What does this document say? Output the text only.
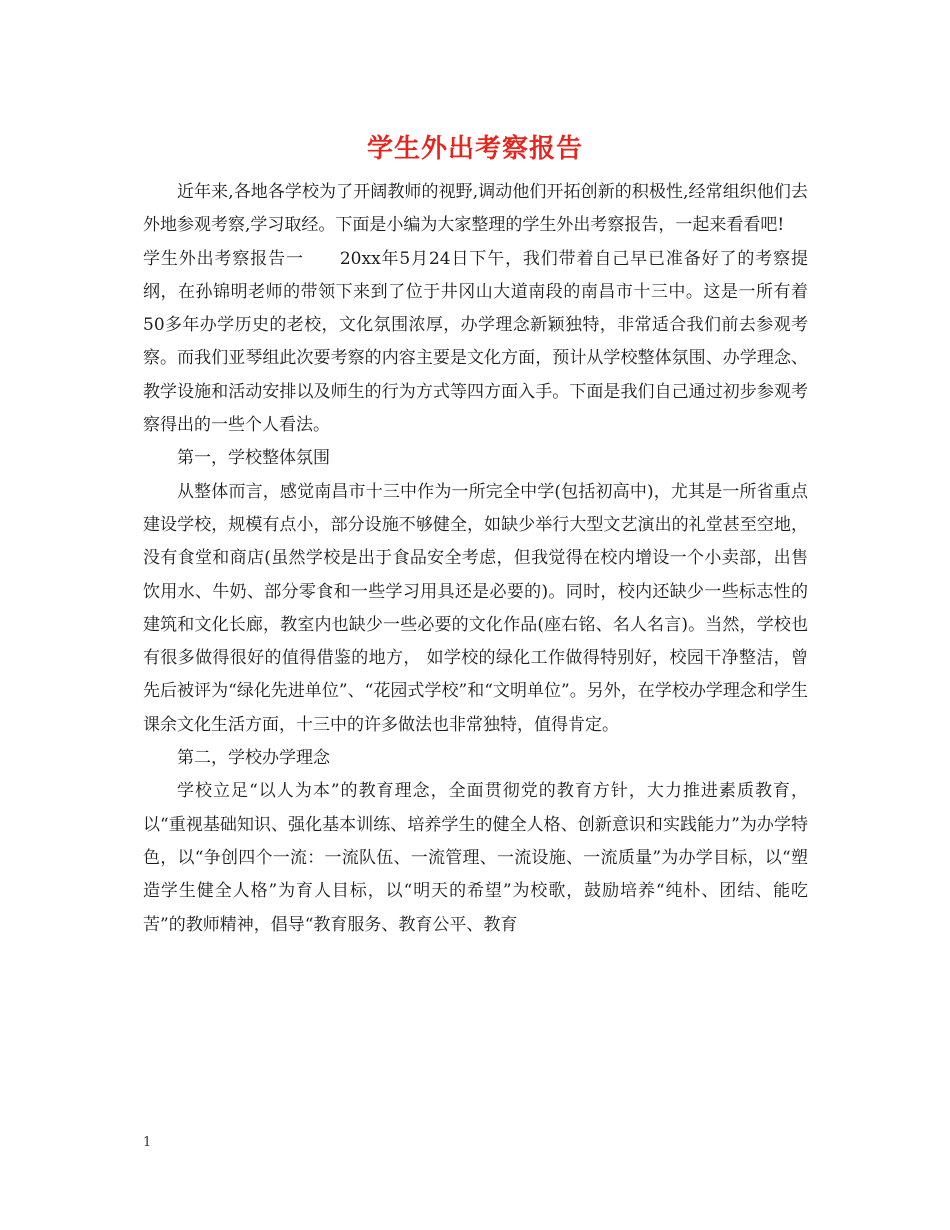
学生外出考察报告

近年来,各地各学校为了开阔教师的视野,调动他们开拓创新的积极性,经常组织他们去外地参观考察,学习取经。下面是小编为大家整理的学生外出考察报告，一起来看看吧!

学生外出考察报告一 20xx年5月24日下午，我们带着自己早已准备好了的考察提纲，在孙锦明老师的带领下来到了位于井冈山大道南段的南昌市十三中。这是一所有着50多年办学历史的老校，文化氛围浓厚，办学理念新颖独特，非常适合我们前去参观考察。而我们亚琴组此次要考察的内容主要是文化方面，预计从学校整体氛围、办学理念、教学设施和活动安排以及师生的行为方式等四方面入手。下面是我们自己通过初步参观考察得出的一些个人看法。

第一，学校整体氛围

从整体而言，感觉南昌市十三中作为一所完全中学(包括初高中)，尤其是一所省重点建设学校，规模有点小，部分设施不够健全，如缺少举行大型文艺演出的礼堂甚至空地，没有食堂和商店(虽然学校是出于食品安全考虑，但我觉得在校内增设一个小卖部，出售饮用水、牛奶、部分零食和一些学习用具还是必要的)。同时，校内还缺少一些标志性的建筑和文化长廊，教室内也缺少一些必要的文化作品(座右铭、名人名言)。当然，学校也有很多做得很好的值得借鉴的地方， 如学校的绿化工作做得特别好，校园干净整洁，曾先后被评为“绿化先进单位”、“花园式学校”和“文明单位”。另外，在学校办学理念和学生课余文化生活方面，十三中的许多做法也非常独特，值得肯定。

第二，学校办学理念

学校立足“以人为本”的教育理念，全面贯彻党的教育方针，大力推进素质教育，以“重视基础知识、强化基本训练、培养学生的健全人格、创新意识和实践能力”为办学特色，以“争创四个一流：一流队伍、一流管理、一流设施、一流质量”为办学目标，以“塑造学生健全人格”为育人目标，以“明天的希望”为校歌，鼓励培养“纯朴、团结、能吃苦”的教师精神，倡导“教育服务、教育公平、教育

1
